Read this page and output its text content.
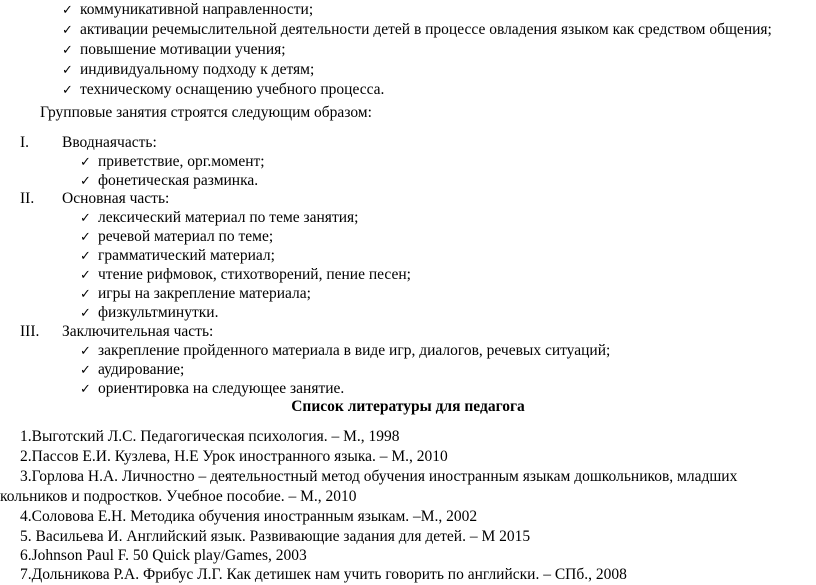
✓ коммуникативной направленности;
✓ активации речемыслительной деятельности детей в процессе овладения языком как средством общения;
✓ повышение мотивации учения;
✓ индивидуальному подходу к детям;
✓ техническому оснащению учебного процесса.
Групповые занятия строятся следующим образом:
I. Вводнаячасть:
✓ приветствие, орг.момент;
✓ фонетическая разминка.
II. Основная часть:
✓ лексический материал по теме занятия;
✓ речевой материал по теме;
✓ грамматический материал;
✓ чтение рифмовок, стихотворений, пение песен;
✓ игры на закрепление материала;
✓ физкультминутки.
III. Заключительная часть:
✓ закрепление пройденного материала в виде игр, диалогов, речевых ситуаций;
✓ аудирование;
✓ ориентировка на следующее занятие.
Список литературы для педагога
1.Выготский Л.С. Педагогическая психология. – М., 1998
2.Пассов Е.И. Кузлева, Н.Е Урок иностранного языка. – М., 2010
3.Горлова Н.А. Личностно – деятельностный метод обучения иностранным языкам дошкольников, младших
кольников и подростков. Учебное пособие. – М., 2010
4.Соловова Е.Н. Методика обучения иностранным языкам. –М., 2002
5. Васильева И. Английский язык. Развивающие задания для детей. – М 2015
6.Johnson Paul F. 50 Quick play/Games, 2003
7.Дольникова Р.А. Фрибус Л.Г. Как детишек нам учить говорить по английски. – СПб., 2008
